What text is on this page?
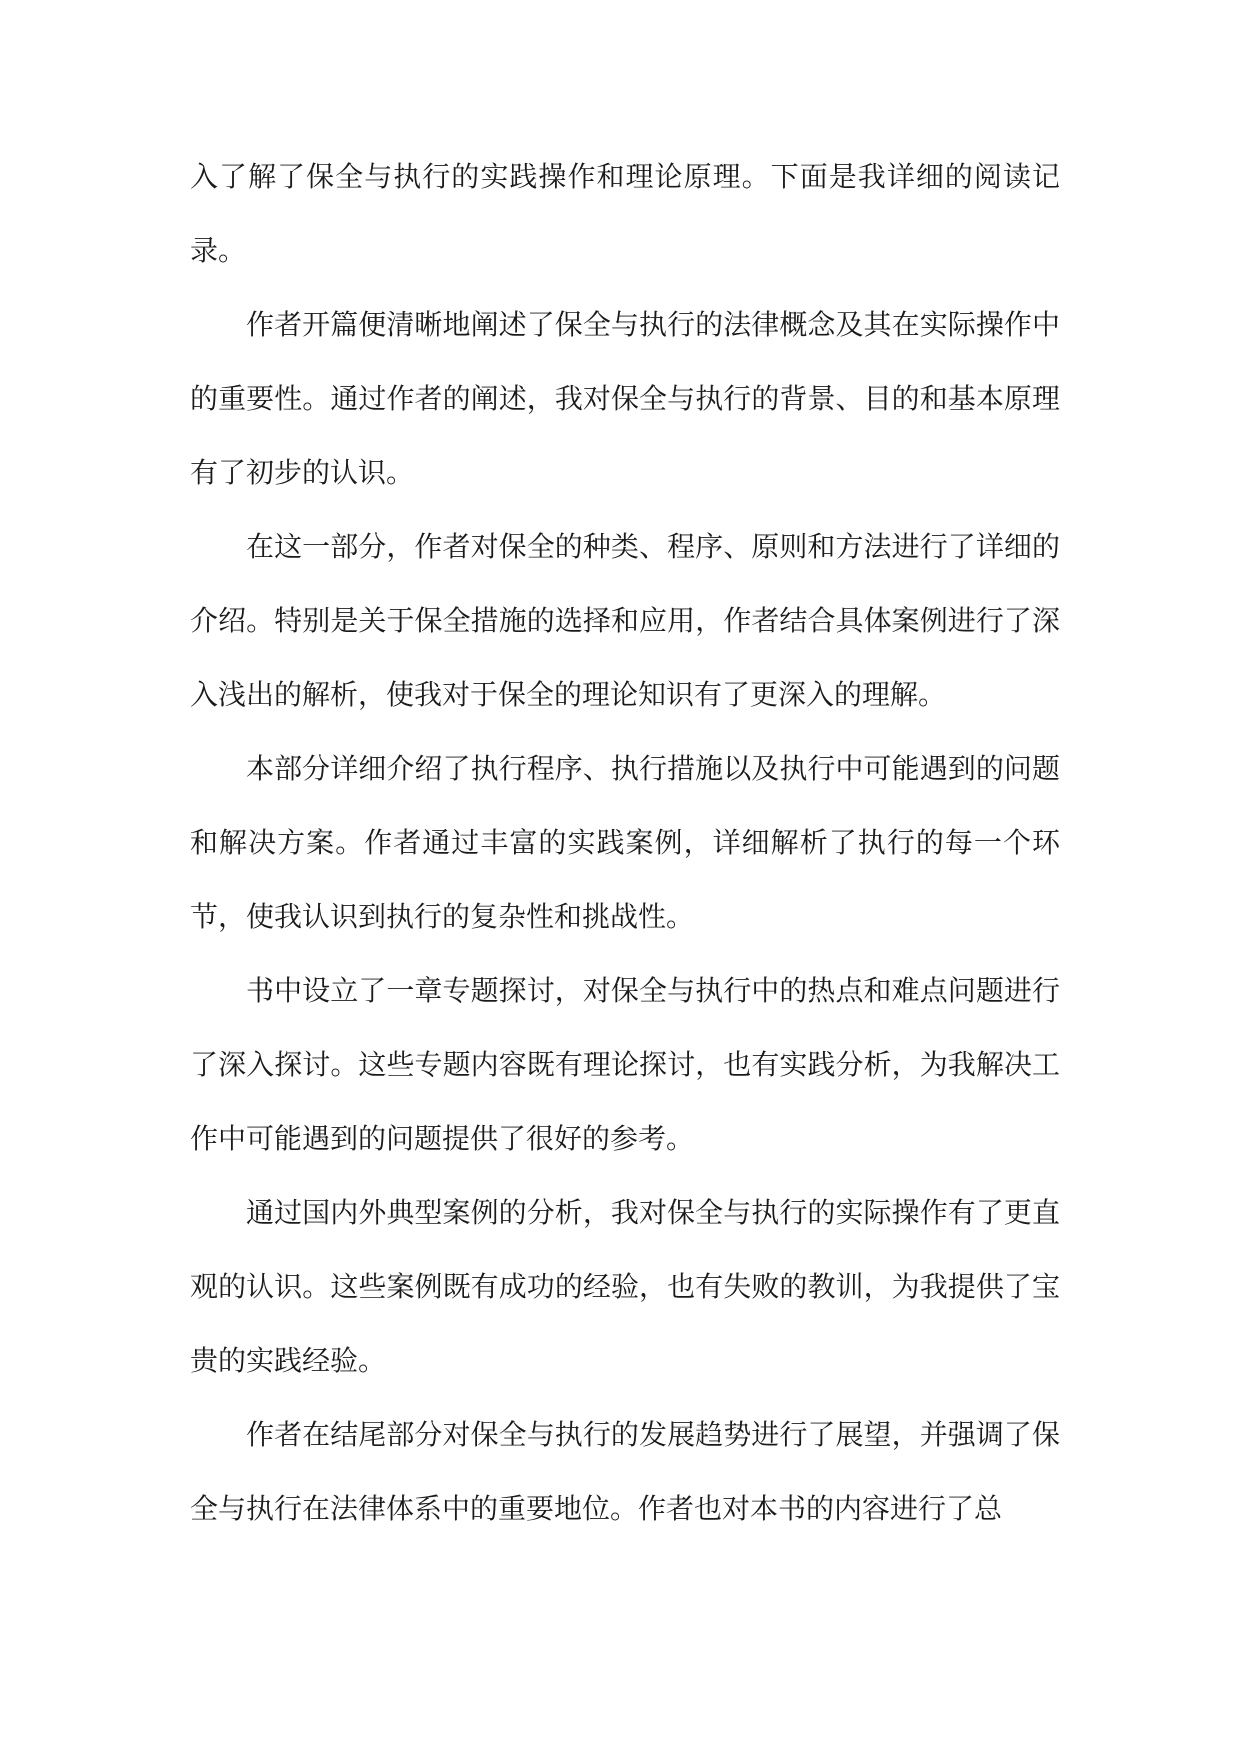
入了解了保全与执行的实践操作和理论原理。下面是我详细的阅读记录。

作者开篇便清晰地阐述了保全与执行的法律概念及其在实际操作中的重要性。通过作者的阐述，我对保全与执行的背景、目的和基本原理有了初步的认识。

在这一部分，作者对保全的种类、程序、原则和方法进行了详细的介绍。特别是关于保全措施的选择和应用，作者结合具体案例进行了深入浅出的解析，使我对于保全的理论知识有了更深入的理解。

本部分详细介绍了执行程序、执行措施以及执行中可能遇到的问题和解决方案。作者通过丰富的实践案例，详细解析了执行的每一个环节，使我认识到执行的复杂性和挑战性。

书中设立了一章专题探讨，对保全与执行中的热点和难点问题进行了深入探讨。这些专题内容既有理论探讨，也有实践分析，为我解决工作中可能遇到的问题提供了很好的参考。

通过国内外典型案例的分析，我对保全与执行的实际操作有了更直观的认识。这些案例既有成功的经验，也有失败的教训，为我提供了宝贵的实践经验。

作者在结尾部分对保全与执行的发展趋势进行了展望，并强调了保全与执行在法律体系中的重要地位。作者也对本书的内容进行了总
